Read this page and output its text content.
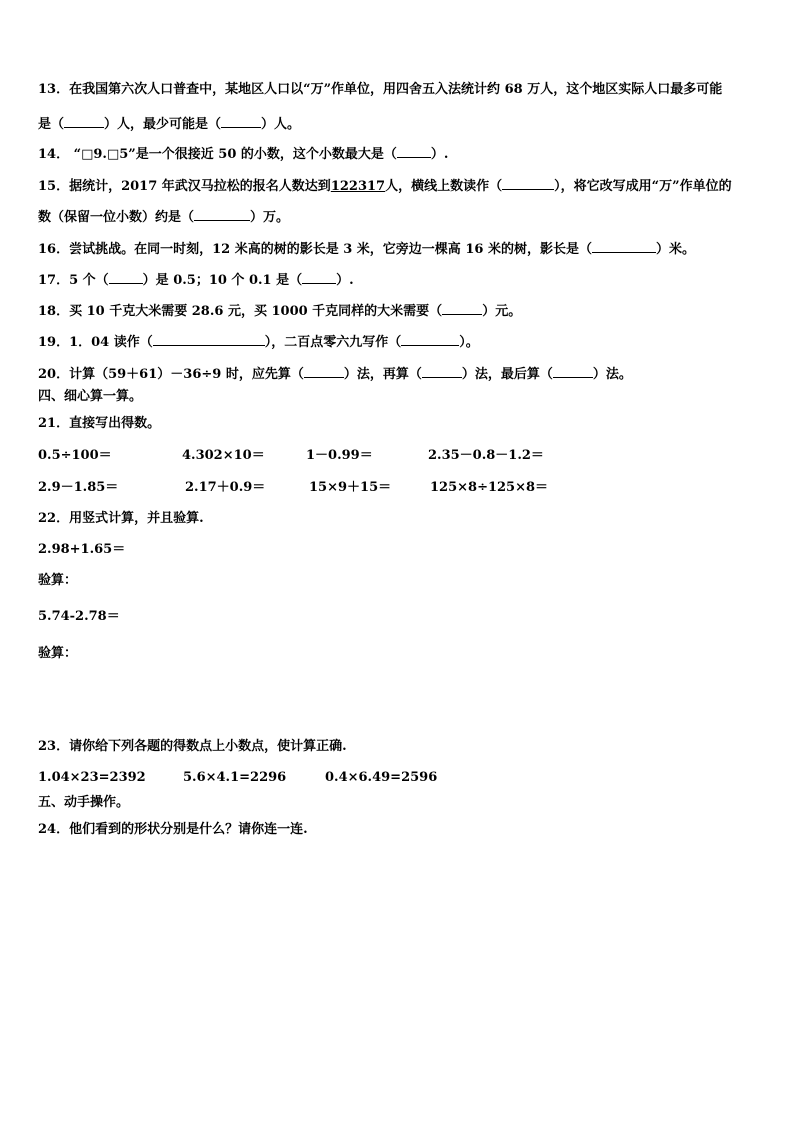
13．在我国第六次人口普查中，某地区人口以“万”作单位，用四舍五入法统计约 68 万人，这个地区实际人口最多可能
是（	）人，最少可能是（	）人。
14． “□9.□5”是一个很接近 50 的小数，这个小数最大是（	）.
15．据统计，2017 年武汉马拉松的报名人数达到122317人，横线上数读作（	），将它改写成用“万”作单位的
数（保留一位小数）约是（	）万。
16．尝试挑战。在同一时刻，12 米高的树的影长是 3 米，它旁边一棵高 16 米的树，影长是（	）米。
17．5 个（	）是 0.5；10 个 0.1 是（	）.
18．买 10 千克大米需要 28.6 元，买 1000 千克同样的大米需要（	）元。
19．1．04 读作（	），二百点零六九写作（	）。
20．计算（59＋61）－36÷9 时，应先算（	）法，再算（	）法，最后算（	）法。
四、细心算一算。
21．直接写出得数。
0.5÷100＝	4.302×10＝	1－0.99＝	2.35－0.8－1.2＝
2.9－1.85＝	2.17＋0.9＝	15×9＋15＝	125×8÷125×8＝
22．用竖式计算，并且验算.
2.98+1.65＝
验算：
5.74-2.78＝
验算：
23．请你给下列各题的得数点上小数点，使计算正确.
1.04×23=2392	5.6×4.1=2296	0.4×6.49=2596
五、动手操作。
24．他们看到的形状分别是什么？请你连一连.
